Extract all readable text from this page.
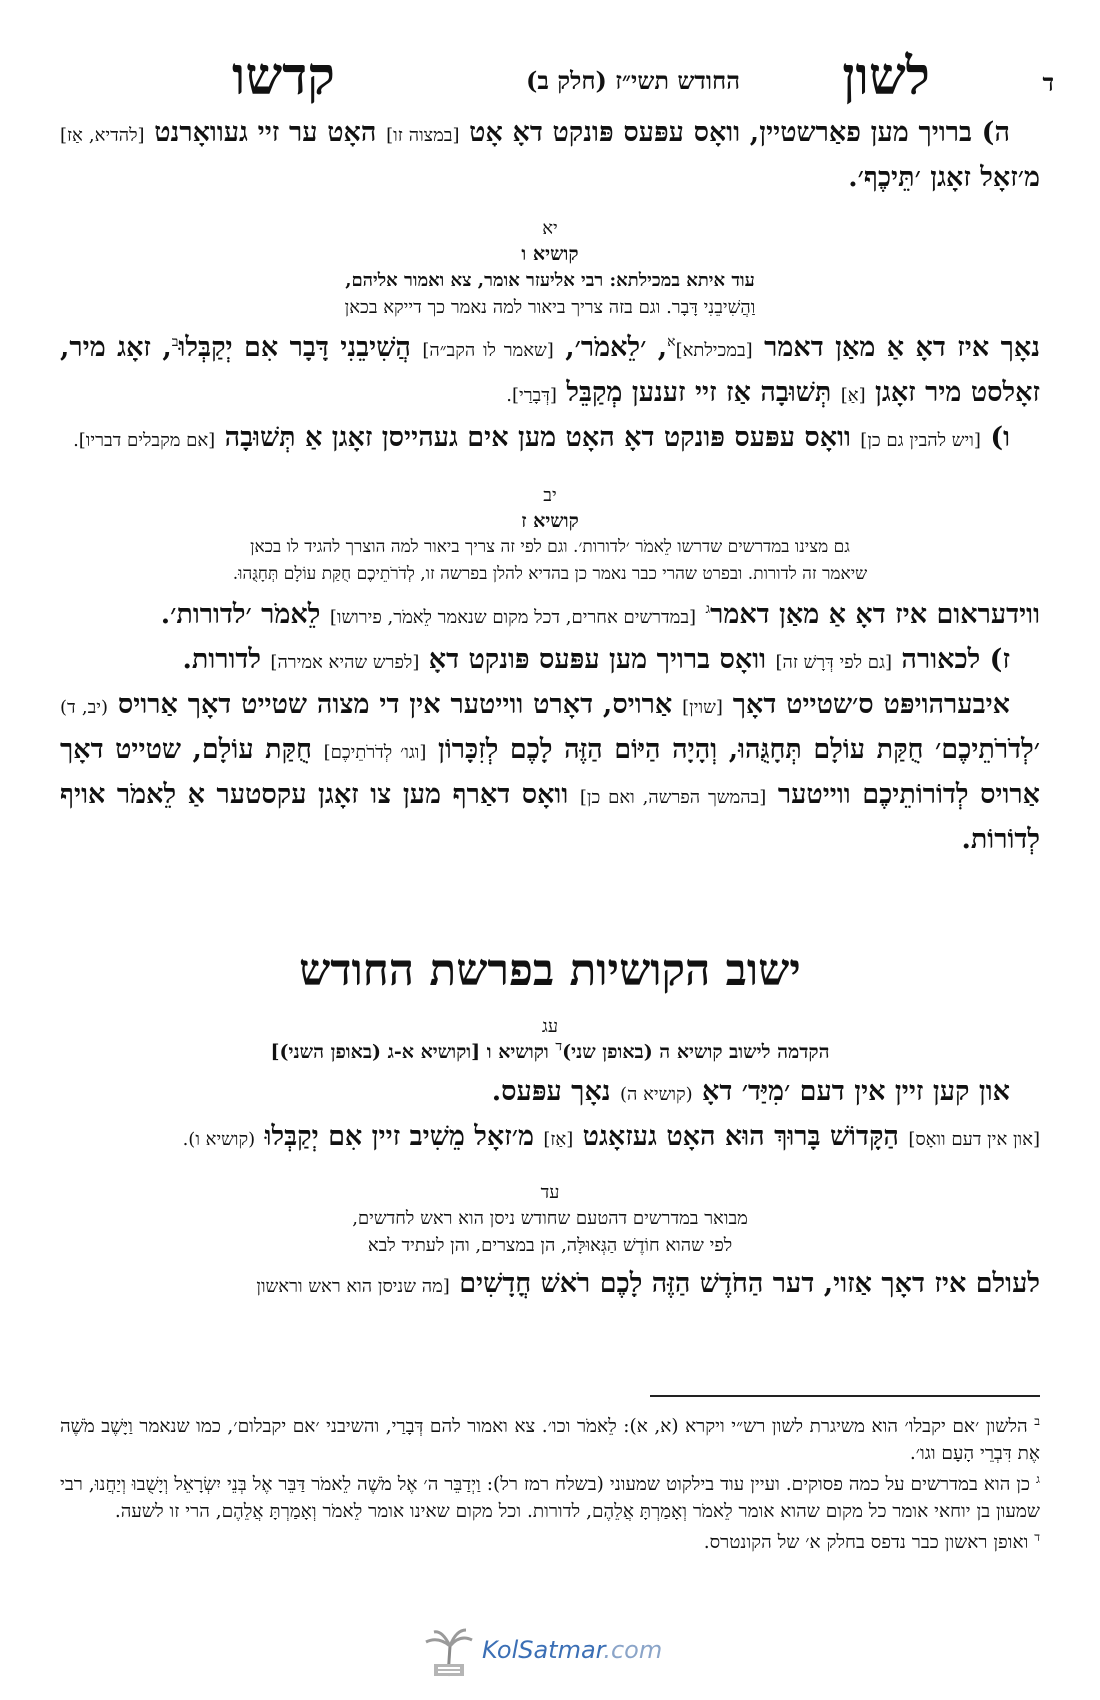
ד
לשון
החודש תשי״ז (חלק ב)
קדשו

ה) ברויך מען פאַרשטיין, וואָס עפּעס פּונקט דאָ אָט [במצוה זו] האָט ער זיי געוואָרנט [להדיא, אַז] מ׳זאָל זאָגן ׳תֵּיכֶף׳.

יא
קושיא ו
עוד איתא במכילתא: רבי אליעזר אומר, צא ואמור אליהם,
וַהֲשִׁיבֵנִי דָּבָר. וגם בזה צריך ביאור למה נאמר כך דייקא בכאן

נאָך איז דאָ אַ מאַן דאמר [במכילתא]$^א$, ׳לֵאמֹר׳, [שאמר לו הקב״ה] הֲשִׁיבֵנִי דָּבָר אִם יְקַבְּלוּ$^ב$, זאָג מיר, זאָלסט מיר זאָגן [אַ] תְּשׁוּבָה אַז זיי זענען מְקַבֵּל [דְּבָרַי].

ו) [ויש להבין גם כן] וואָס עפּעס פּונקט דאָ האָט מען אים געהייסן זאָגן אַ תְּשׁוּבָה [אם מקבלים דבריו].

יב
קושיא ז
גם מצינו במדרשים שדרשו לֵאמֹר ׳לדורות׳. וגם לפי זה צריך ביאור למה הוצרך להגיד לו בכאן
שיאמר זה לדורות. ובפרט שהרי כבר נאמר כן בהדיא להלן בפרשה זו, לְדֹרֹתֵיכֶם חֻקַּת עוֹלָם תְּחָגֻּהוּ.

ווידעראום איז דאָ אַ מאַן דאמר$^ג$ [במדרשים אחרים, דכל מקום שנאמר לֵאמֹר, פירושו] לֵאמֹר ׳לדורות׳.

ז) לכאורה [גם לפי דְּרָשׁ זה] וואָס ברויך מען עפּעס פּונקט דאָ [לפרש שהיא אמירה] לדורות.

איבערהויפּט ס׳שטייט דאָך [שוין] אַרויס, דאָרט ווייטער אין די מצוה שטייט דאָך אַרויס (יב, ד) ׳לְדֹרֹתֵיכֶם׳ חֻקַּת עוֹלָם תְּחָגֻּהוּ, וְהָיָה הַיּוֹם הַזֶּה לָכֶם לְזִכָּרוֹן [וגו׳ לְדֹרֹתֵיכֶם] חֻקַּת עוֹלָם, שטייט דאָך אַרויס לְדוֹרוֹתֵיכֶם ווייטער [בהמשך הפרשה, ואם כן] וואָס דאַרף מען צו זאָגן עקסטער אַ לֵאמֹר אויף לְדוֹרוֹת.

ישוב הקושיות בפרשת החודש
עג
הקדמה לישוב קושיא ה (באופן שני)$^ד$ וקושיא ו [וקושיא א-ג (באופן השני)]

און קען זיין אין דעם ׳מִיַּד׳ דאָ (קושיא ה) נאָך עפּעס.

[און אין דעם וואָס] הַקָּדוֹשׁ בָּרוּךְ הוּא האָט געזאָגט [אַז] מ׳זאָל מֵשִׁיב זיין אִם יְקַבְּלוּ (קושיא ו).

עד
מבואר במדרשים דהטעם שחודש ניסן הוא ראש לחדשים,
לפי שהוא חוֹדֶשׁ הַגְּאוּלָּה, הן במצרים, והן לעתיד לבא

לעולם איז דאָך אַזוי, דער הַחֹדֶשׁ הַזֶּה לָכֶם רֹאשׁ חֳדָשִׁים [מה שניסן הוא ראש וראשון

$^ב$ הלשון ׳אם יקבלו׳ הוא משיגרת לשון רש״י ויקרא (א, א): לֵאמֹר וכו׳. צא ואמור להם דְּבָרַי, והשיבני ׳אם יקבלום׳, כמו שנאמר וַיָּשֶׁב מֹשֶׁה אֶת דִּבְרֵי הָעָם וגו׳.

$^ג$ כן הוא במדרשים על כמה פסוקים. ועיין עוד בילקוט שמעוני (בשלח רמז רל): וַיְדַבֵּר ה׳ אֶל מֹשֶׁה לֵאמֹר דַּבֵּר אֶל בְּנֵי יִשְׂרָאֵל וְיָשֻׁבוּ וְיַחֲנוּ, רבי שמעון בן יוחאי אומר כל מקום שהוא אומר לֵאמֹר וְאָמַרְתָּ אֲלֵהֶם, לדורות. וכל מקום שאינו אומר לֵאמֹר וְאָמַרְתָּ אֲלֵהֶם, הרי זו לשעה.

$^ד$ ואופן ראשון כבר נדפס בחלק א׳ של הקונטרס.

KolSatmar.com
